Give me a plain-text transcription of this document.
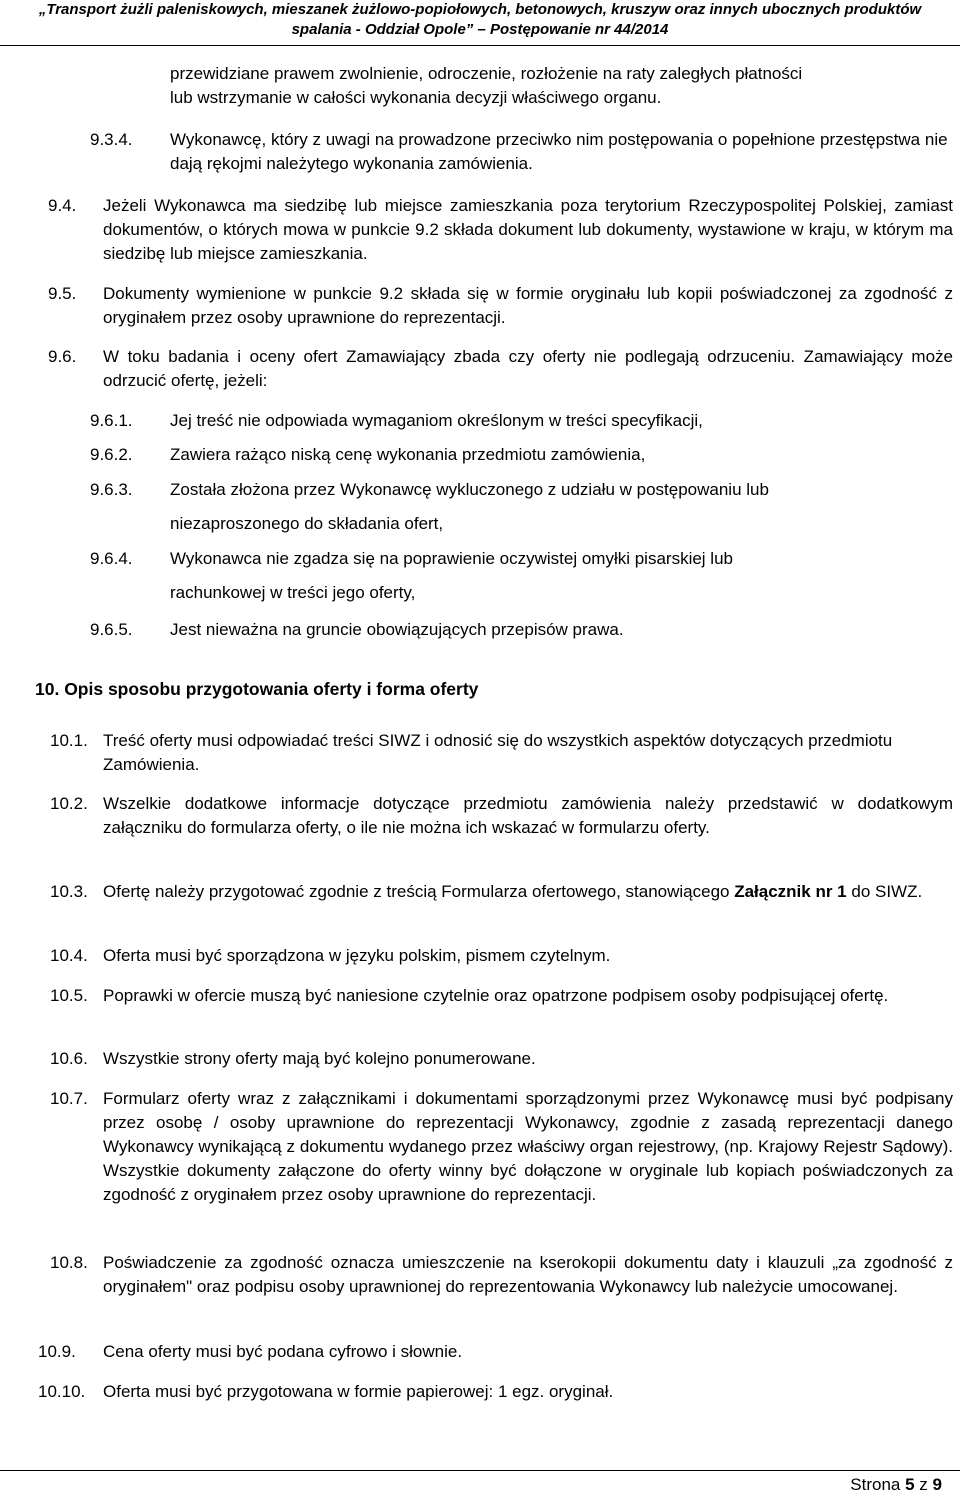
„Transport żużli paleniskowych, mieszanek żużlowo-popiołowych, betonowych, kruszyw oraz innych ubocznych produktów
spalania - Oddział Opole” – Postępowanie nr 44/2014
przewidziane prawem zwolnienie, odroczenie, rozłożenie na raty zaległych płatności
lub wstrzymanie w całości wykonania decyzji właściwego organu.
9.3.4. Wykonawcę, który z uwagi na prowadzone przeciwko nim postępowania o popełnione przestępstwa nie dają rękojmi należytego wykonania zamówienia.
9.4. Jeżeli Wykonawca ma siedzibę lub miejsce zamieszkania poza terytorium Rzeczypospolitej Polskiej, zamiast dokumentów, o których mowa w punkcie 9.2 składa dokument lub dokumenty, wystawione w kraju, w którym ma siedzibę lub miejsce zamieszkania.
9.5. Dokumenty wymienione w punkcie 9.2 składa się w formie oryginału lub kopii poświadczonej za zgodność z oryginałem przez osoby uprawnione do reprezentacji.
9.6. W toku badania i oceny ofert Zamawiający zbada czy oferty nie podlegają odrzuceniu. Zamawiający może odrzucić ofertę, jeżeli:
9.6.1. Jej treść nie odpowiada wymaganiom określonym w treści specyfikacji,
9.6.2. Zawiera rażąco niską cenę wykonania przedmiotu zamówienia,
9.6.3. Została złożona przez Wykonawcę wykluczonego z udziału w postępowaniu lub
niezaproszonego do składania ofert,
9.6.4. Wykonawca nie zgadza się na poprawienie oczywistej omyłki pisarskiej lub
rachunkowej w treści jego oferty,
9.6.5. Jest nieważna na gruncie obowiązujących przepisów prawa.
10. Opis sposobu przygotowania oferty i forma oferty
10.1. Treść oferty musi odpowiadać treści SIWZ i odnosić się do wszystkich aspektów dotyczących przedmiotu Zamówienia.
10.2. Wszelkie dodatkowe informacje dotyczące przedmiotu zamówienia należy przedstawić w dodatkowym załączniku do formularza oferty, o ile nie można ich wskazać w formularzu oferty.
10.3. Ofertę należy przygotować zgodnie z treścią Formularza ofertowego, stanowiącego Załącznik nr 1 do SIWZ.
10.4. Oferta musi być sporządzona w języku polskim, pismem czytelnym.
10.5. Poprawki w ofercie muszą być naniesione czytelnie oraz opatrzone podpisem osoby podpisującej ofertę.
10.6. Wszystkie strony oferty mają być kolejno ponumerowane.
10.7. Formularz oferty wraz z załącznikami i dokumentami sporządzonymi przez Wykonawcę musi być podpisany przez osobę / osoby uprawnione do reprezentacji Wykonawcy, zgodnie z zasadą reprezentacji danego Wykonawcy wynikającą z dokumentu wydanego przez właściwy organ rejestrowy, (np. Krajowy Rejestr Sądowy). Wszystkie dokumenty załączone do oferty winny być dołączone w oryginale lub kopiach poświadczonych za zgodność z oryginałem przez osoby uprawnione do reprezentacji.
10.8. Poświadczenie za zgodność oznacza umieszczenie na kserokopii dokumentu daty i klauzuli „za zgodność z oryginałem" oraz podpisu osoby uprawnionej do reprezentowania Wykonawcy lub należycie umocowanej.
10.9. Cena oferty musi być podana cyfrowo i słownie.
10.10. Oferta musi być przygotowana w formie papierowej: 1 egz. oryginał.
Strona 5 z 9
